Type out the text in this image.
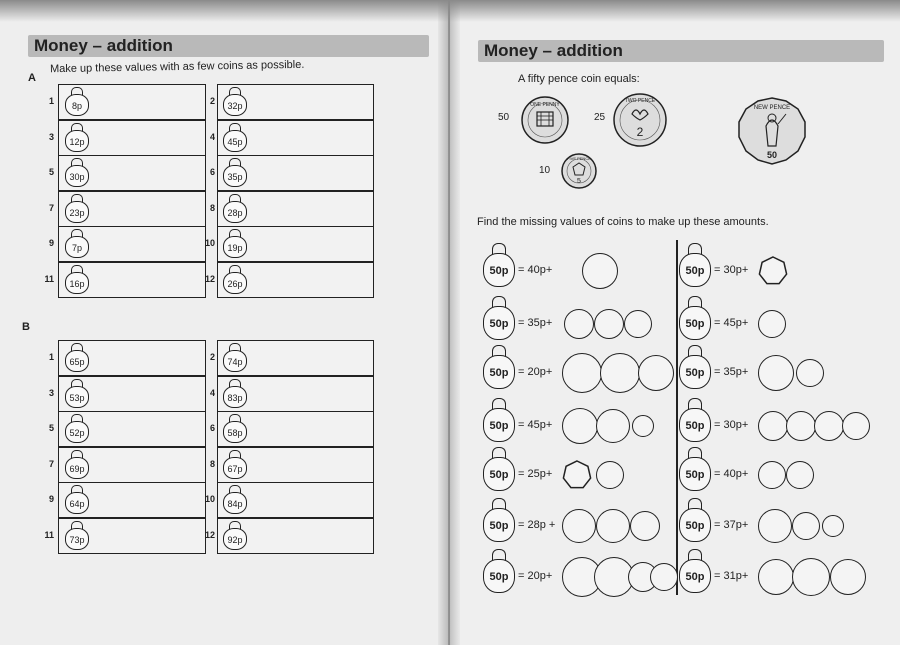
Money – addition
A
Make up these values with as few coins as possible.
1	8p	2	32p
3	12p	4	45p
5	30p	6	35p
7	23p	8	28p
9	7p	10	19p
11	16p	12	26p
B
1	65p	2	74p
3	53p	4	83p
5	52p	6	58p
7	69p	8	67p
9	64p	10	84p
11	73p	12	92p
Money – addition
A fifty pence coin equals:
50
ONE PENNY
25
2
TWO PENCE
NEW PENCE
50
10
5
FIVE PENCE
Find the missing values of coins to make up these amounts.
50p = 40p+
50p = 35p+
50p = 20p+
50p = 45p+
50p = 25p+
50p = 28p +
50p = 20p+
50p = 30p+
50p = 45p+
50p = 35p+
50p = 30p+
50p = 40p+
50p = 37p+
50p = 31p+
